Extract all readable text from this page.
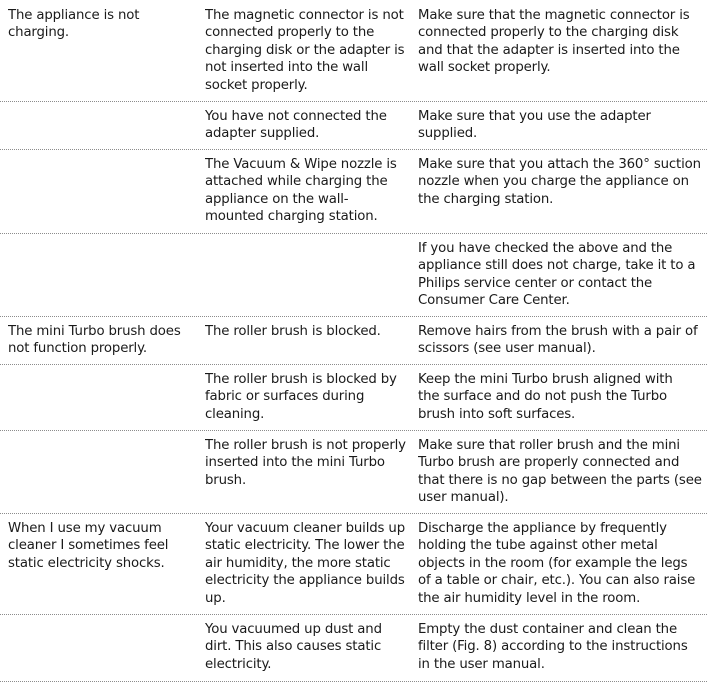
The appliance is not
charging.
The magnetic connector is not
connected properly to the
charging disk or the adapter is
not inserted into the wall
socket properly.
Make sure that the magnetic connector is
connected properly to the charging disk
and that the adapter is inserted into the
wall socket properly.
You have not connected the
adapter supplied.
Make sure that you use the adapter
supplied.
The Vacuum & Wipe nozzle is
attached while charging the
appliance on the wall-
mounted charging station.
Make sure that you attach the 360° suction
nozzle when you charge the appliance on
the charging station.
If you have checked the above and the
appliance still does not charge, take it to a
Philips service center or contact the
Consumer Care Center.
The mini Turbo brush does
not function properly.
The roller brush is blocked.	Remove hairs from the brush with a pair of
scissors (see user manual).
The roller brush is blocked by
fabric or surfaces during
cleaning.
Keep the mini Turbo brush aligned with
the surface and do not push the Turbo
brush into soft surfaces.
The roller brush is not properly
inserted into the mini Turbo
brush.
Make sure that roller brush and the mini
Turbo brush are properly connected and
that there is no gap between the parts (see
user manual).
When I use my vacuum
cleaner I sometimes feel
static electricity shocks.
Your vacuum cleaner builds up
static electricity. The lower the
air humidity, the more static
electricity the appliance builds
up.
Discharge the appliance by frequently
holding the tube against other metal
objects in the room (for example the legs
of a table or chair, etc.). You can also raise
the air humidity level in the room.
You vacuumed up dust and
dirt. This also causes static
electricity.
Empty the dust container and clean the
filter (Fig. 8) according to the instructions
in the user manual.
